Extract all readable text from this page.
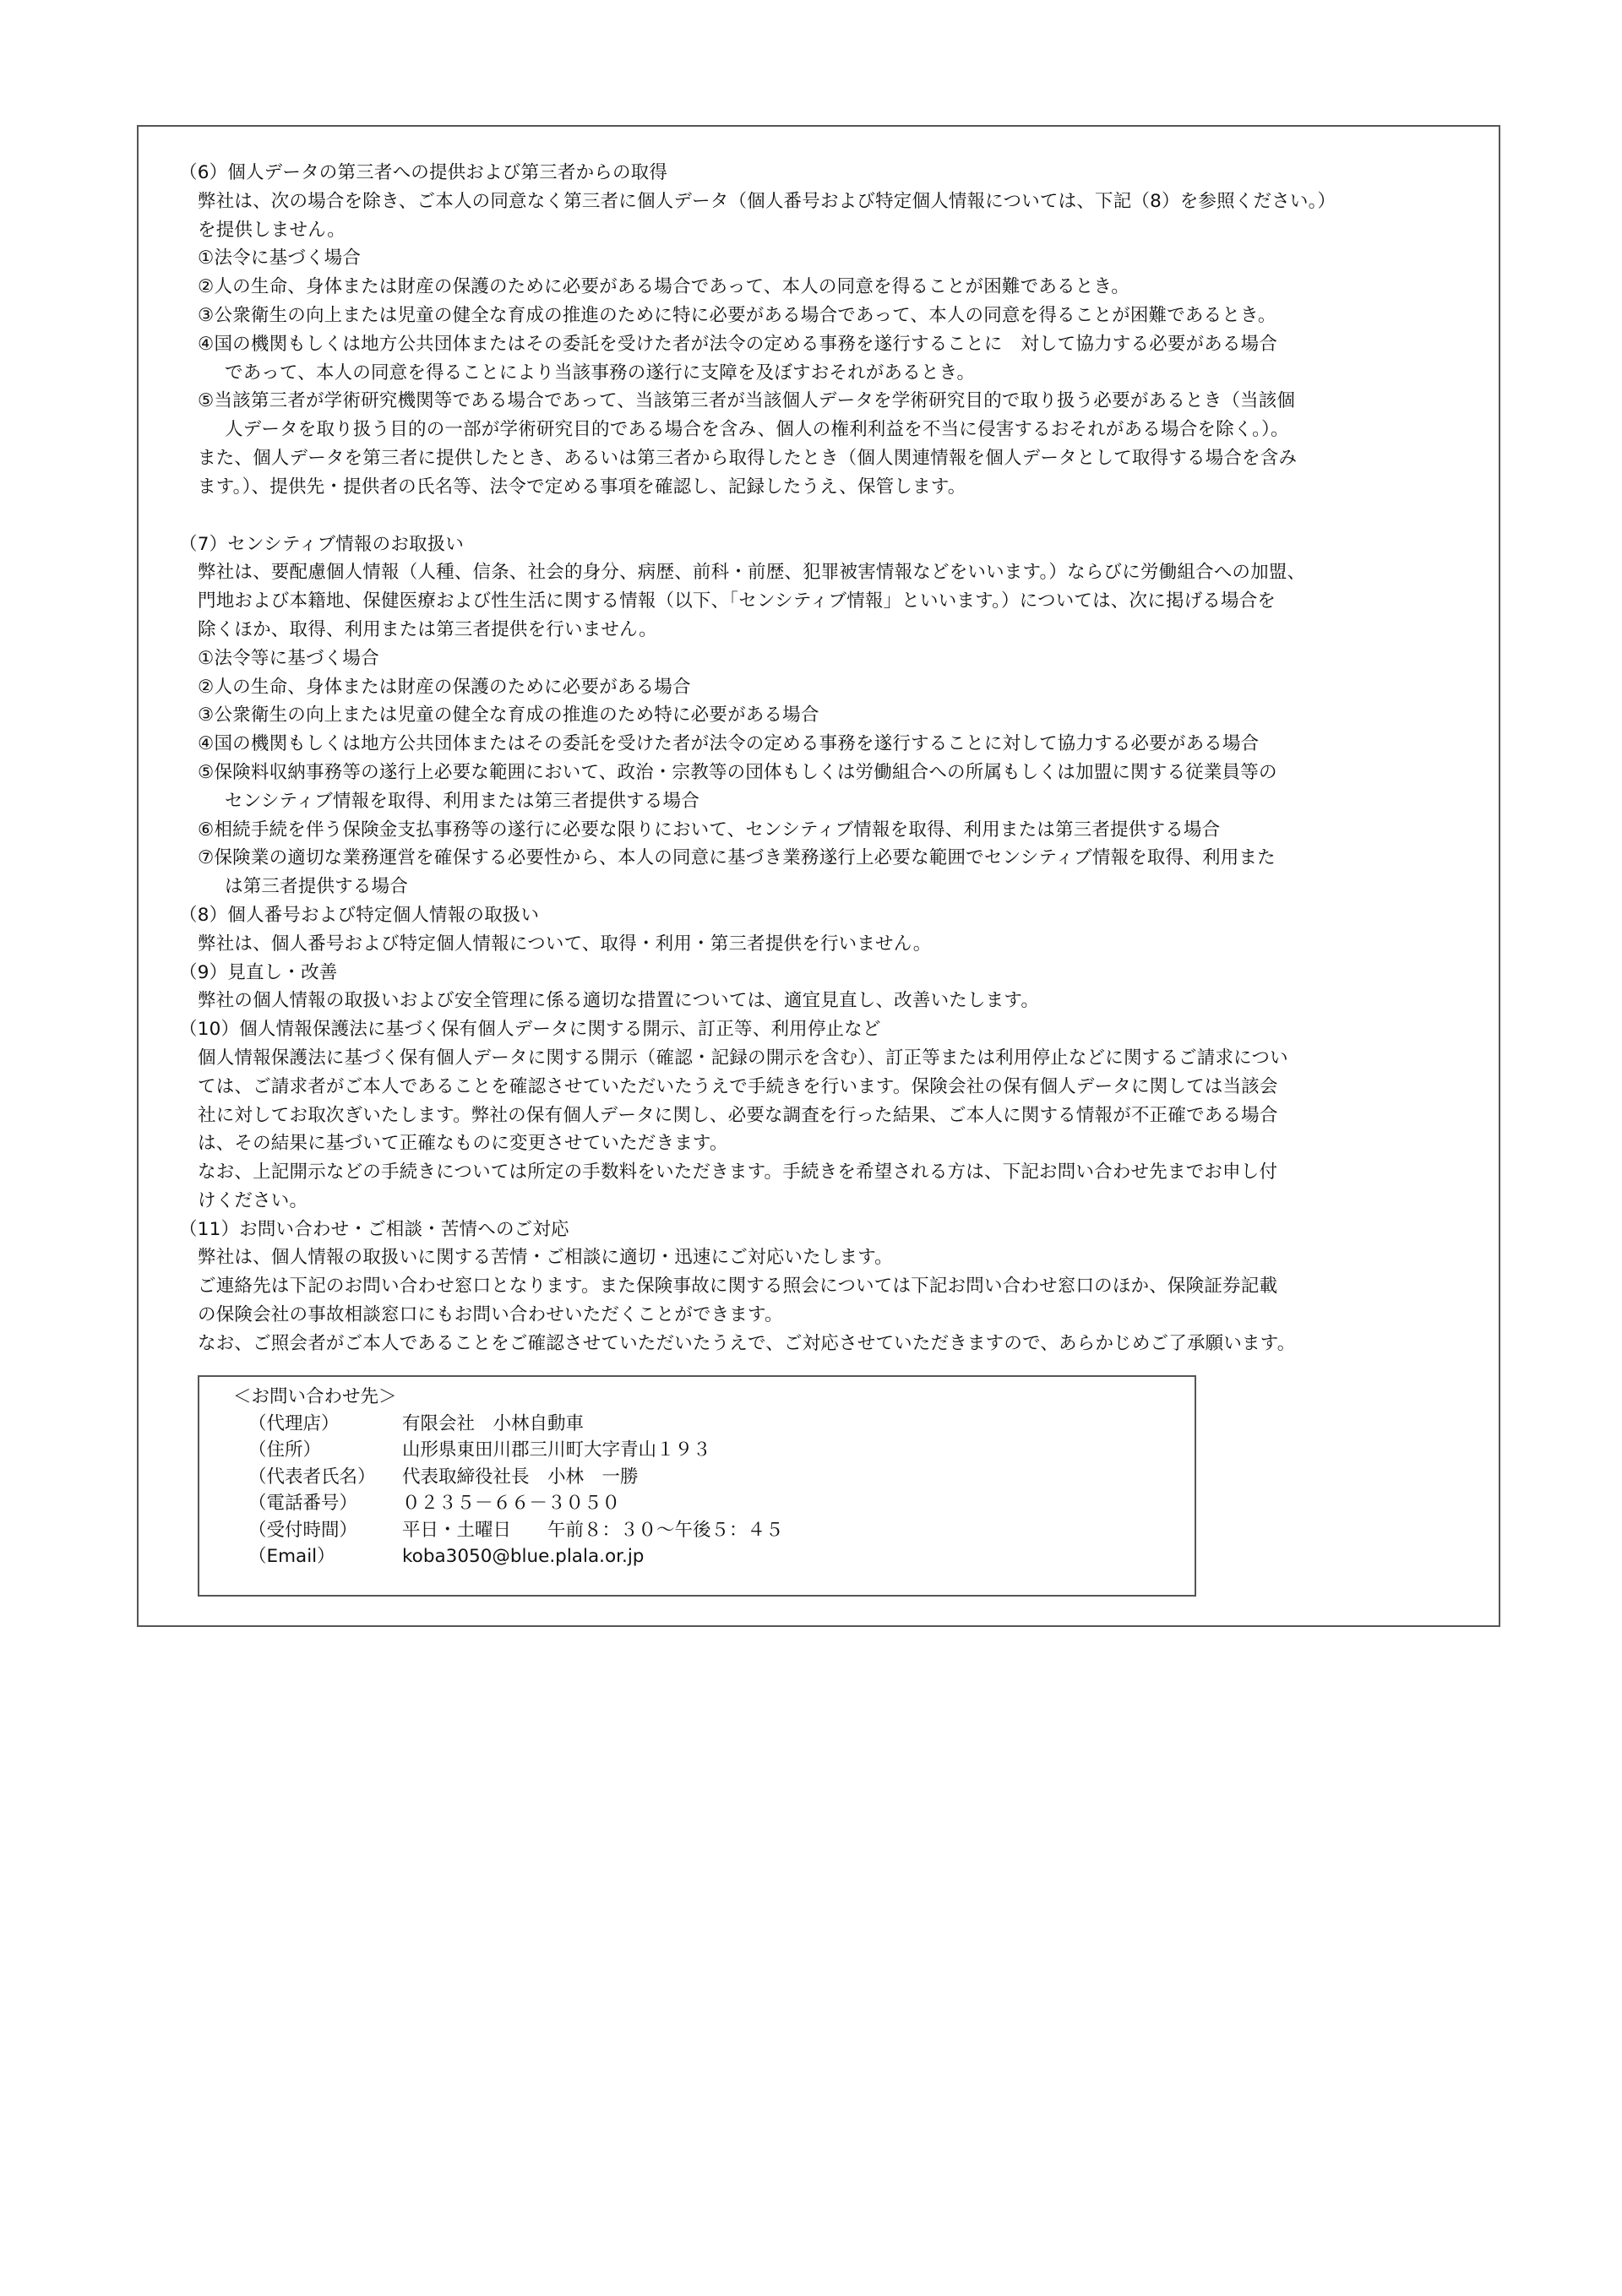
（6）個人データの第三者への提供および第三者からの取得
弊社は、次の場合を除き、ご本人の同意なく第三者に個人データ（個人番号および特定個人情報については、下記（8）を参照ください。）
を提供しません。
①法令に基づく場合
②人の生命、身体または財産の保護のために必要がある場合であって、本人の同意を得ることが困難であるとき。
③公衆衛生の向上または児童の健全な育成の推進のために特に必要がある場合であって、本人の同意を得ることが困難であるとき。
④国の機関もしくは地方公共団体またはその委託を受けた者が法令の定める事務を遂行することに　対して協力する必要がある場合
であって、本人の同意を得ることにより当該事務の遂行に支障を及ぼすおそれがあるとき。
⑤当該第三者が学術研究機関等である場合であって、当該第三者が当該個人データを学術研究目的で取り扱う必要があるとき（当該個
人データを取り扱う目的の一部が学術研究目的である場合を含み、個人の権利利益を不当に侵害するおそれがある場合を除く。）。
また、個人データを第三者に提供したとき、あるいは第三者から取得したとき（個人関連情報を個人データとして取得する場合を含み
ます。）、提供先・提供者の氏名等、法令で定める事項を確認し、記録したうえ、保管します。
（7）センシティブ情報のお取扱い
弊社は、要配慮個人情報（人種、信条、社会的身分、病歴、前科・前歴、犯罪被害情報などをいいます。）ならびに労働組合への加盟、
門地および本籍地、保健医療および性生活に関する情報（以下、「センシティブ情報」といいます。）については、次に掲げる場合を
除くほか、取得、利用または第三者提供を行いません。
①法令等に基づく場合
②人の生命、身体または財産の保護のために必要がある場合
③公衆衛生の向上または児童の健全な育成の推進のため特に必要がある場合
④国の機関もしくは地方公共団体またはその委託を受けた者が法令の定める事務を遂行することに対して協力する必要がある場合
⑤保険料収納事務等の遂行上必要な範囲において、政治・宗教等の団体もしくは労働組合への所属もしくは加盟に関する従業員等の
センシティブ情報を取得、利用または第三者提供する場合
⑥相続手続を伴う保険金支払事務等の遂行に必要な限りにおいて、センシティブ情報を取得、利用または第三者提供する場合
⑦保険業の適切な業務運営を確保する必要性から、本人の同意に基づき業務遂行上必要な範囲でセンシティブ情報を取得、利用また
は第三者提供する場合
（8）個人番号および特定個人情報の取扱い
弊社は、個人番号および特定個人情報について、取得・利用・第三者提供を行いません。
（9）見直し・改善
弊社の個人情報の取扱いおよび安全管理に係る適切な措置については、適宜見直し、改善いたします。
（10）個人情報保護法に基づく保有個人データに関する開示、訂正等、利用停止など
個人情報保護法に基づく保有個人データに関する開示（確認・記録の開示を含む）、訂正等または利用停止などに関するご請求につい
ては、ご請求者がご本人であることを確認させていただいたうえで手続きを行います。保険会社の保有個人データに関しては当該会
社に対してお取次ぎいたします。弊社の保有個人データに関し、必要な調査を行った結果、ご本人に関する情報が不正確である場合
は、その結果に基づいて正確なものに変更させていただきます。
なお、上記開示などの手続きについては所定の手数料をいただきます。手続きを希望される方は、下記お問い合わせ先までお申し付
けください。
（11）お問い合わせ・ご相談・苦情へのご対応
弊社は、個人情報の取扱いに関する苦情・ご相談に適切・迅速にご対応いたします。
ご連絡先は下記のお問い合わせ窓口となります。また保険事故に関する照会については下記お問い合わせ窓口のほか、保険証券記載
の保険会社の事故相談窓口にもお問い合わせいただくことができます。
なお、ご照会者がご本人であることをご確認させていただいたうえで、ご対応させていただきますので、あらかじめご了承願います。
＜お問い合わせ先＞
（代理店）	有限会社　小林自動車
（住所）	山形県東田川郡三川町大字青山１９３
（代表者氏名）	代表取締役社長　小林　一勝
（電話番号）	０２３５－６６－３０５０
（受付時間）	平日・土曜日　　午前８：３０～午後５：４５
（Email）	koba3050@blue.plala.or.jp
